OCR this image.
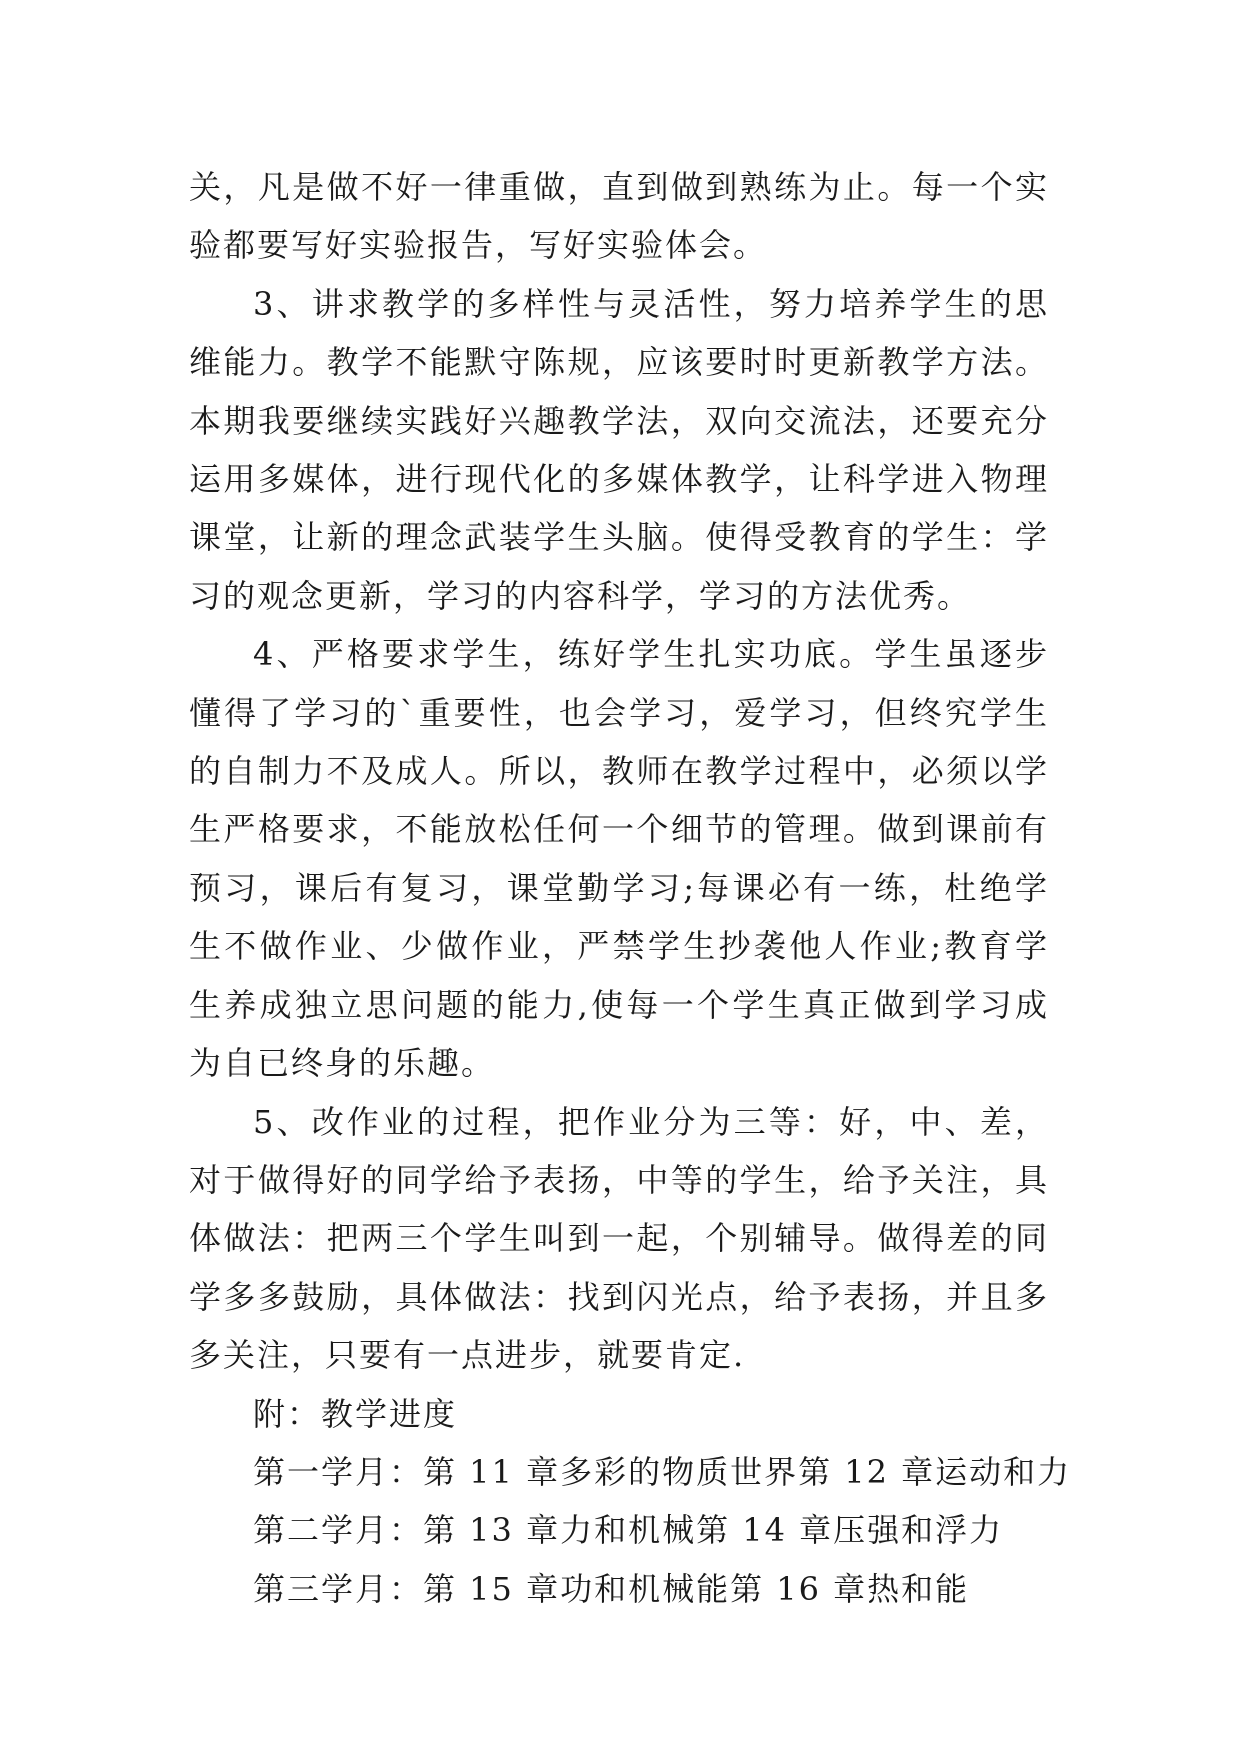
关，凡是做不好一律重做，直到做到熟练为止。每一个实验都要写好实验报告，写好实验体会。

3、讲求教学的多样性与灵活性，努力培养学生的思维能力。教学不能默守陈规，应该要时时更新教学方法。本期我要继续实践好兴趣教学法，双向交流法，还要充分运用多媒体，进行现代化的多媒体教学，让科学进入物理课堂，让新的理念武装学生头脑。使得受教育的学生：学习的观念更新，学习的内容科学，学习的方法优秀。

4、严格要求学生，练好学生扎实功底。学生虽逐步懂得了学习的`重要性，也会学习，爱学习，但终究学生的自制力不及成人。所以，教师在教学过程中，必须以学生严格要求，不能放松任何一个细节的管理。做到课前有预习，课后有复习，课堂勤学习;每课必有一练，杜绝学生不做作业、少做作业，严禁学生抄袭他人作业;教育学生养成独立思问题的能力,使每一个学生真正做到学习成为自已终身的乐趣。

5、改作业的过程，把作业分为三等：好，中、差，对于做得好的同学给予表扬，中等的学生，给予关注，具体做法：把两三个学生叫到一起，个别辅导。做得差的同学多多鼓励，具体做法：找到闪光点，给予表扬，并且多多关注，只要有一点进步，就要肯定.

附：教学进度

第一学月：第 11 章多彩的物质世界第 12 章运动和力

第二学月：第 13 章力和机械第 14 章压强和浮力

第三学月：第 15 章功和机械能第 16 章热和能
